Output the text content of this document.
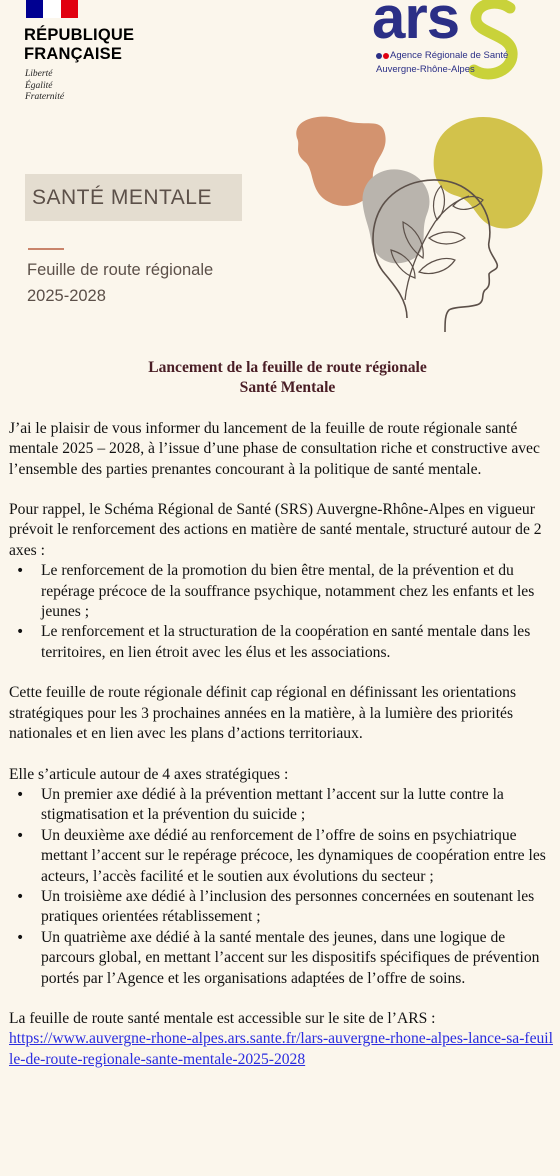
RÉPUBLIQUE
FRANÇAISE
Liberté
Égalité
Fraternité
ars
Agence Régionale de Santé
Auvergne-Rhône-Alpes
SANTÉ MENTALE
Feuille de route régionale
2025-2028
Lancement de la feuille de route régionale
Santé Mentale

J’ai le plaisir de vous informer du lancement de la feuille de route régionale santé mentale 2025 – 2028, à l’issue d’une phase de consultation riche et constructive avec l’ensemble des parties prenantes concourant à la politique de santé mentale.

Pour rappel, le Schéma Régional de Santé (SRS) Auvergne-Rhône-Alpes en vigueur prévoit le renforcement des actions en matière de santé mentale, structuré autour de 2 axes :

• Le renforcement de la promotion du bien être mental, de la prévention et du repérage précoce de la souffrance psychique, notamment chez les enfants et les jeunes ;
• Le renforcement et la structuration de la coopération en santé mentale dans les territoires, en lien étroit avec les élus et les associations.

Cette feuille de route régionale définit cap régional en définissant les orientations stratégiques pour les 3 prochaines années en la matière, à la lumière des priorités nationales et en lien avec les plans d’actions territoriaux.

Elle s’articule autour de 4 axes stratégiques :

• Un premier axe dédié à la prévention mettant l’accent sur la lutte contre la stigmatisation et la prévention du suicide ;
• Un deuxième axe dédié au renforcement de l’offre de soins en psychiatrique mettant l’accent sur le repérage précoce, les dynamiques de coopération entre les acteurs, l’accès facilité et le soutien aux évolutions du secteur ;
• Un troisième axe dédié à l’inclusion des personnes concernées en soutenant les pratiques orientées rétablissement ;
• Un quatrième axe dédié à la santé mentale des jeunes, dans une logique de parcours global, en mettant l’accent sur les dispositifs spécifiques de prévention portés par l’Agence et les organisations adaptées de l’offre de soins.

La feuille de route santé mentale est accessible sur le site de l’ARS :
https://www.auvergne-rhone-alpes.ars.sante.fr/lars-auvergne-rhone-alpes-lance-sa-feuille-de-route-regionale-sante-mentale-2025-2028
